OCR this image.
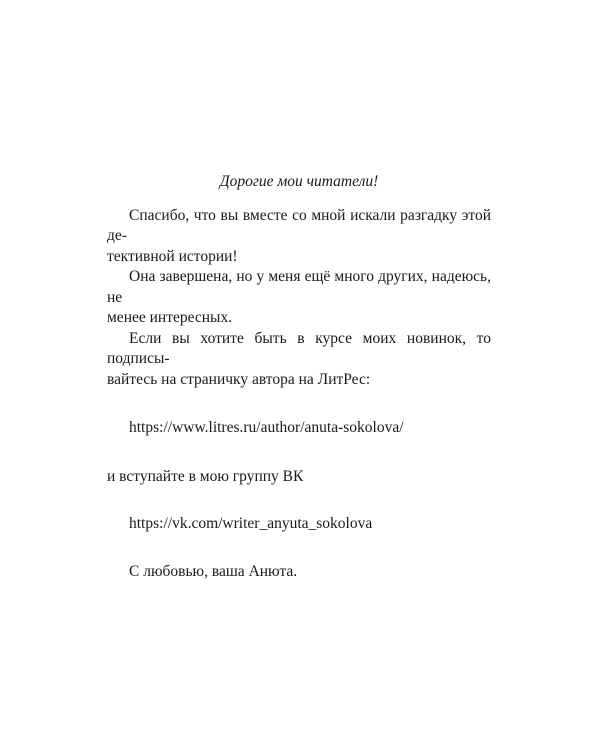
Дорогие мои читатели!

Спасибо, что вы вместе со мной искали разгадку этой де-
тективной истории!

Она завершена, но у меня ещё много других, надеюсь, не
менее интересных.

Если вы хотите быть в курсе моих новинок, то подписы-
вайтесь на страничку автора на ЛитРес:

https://www.litres.ru/author/anuta-sokolova/

и вступайте в мою группу ВК

https://vk.com/writer_anyuta_sokolova

С любовью, ваша Анюта.
